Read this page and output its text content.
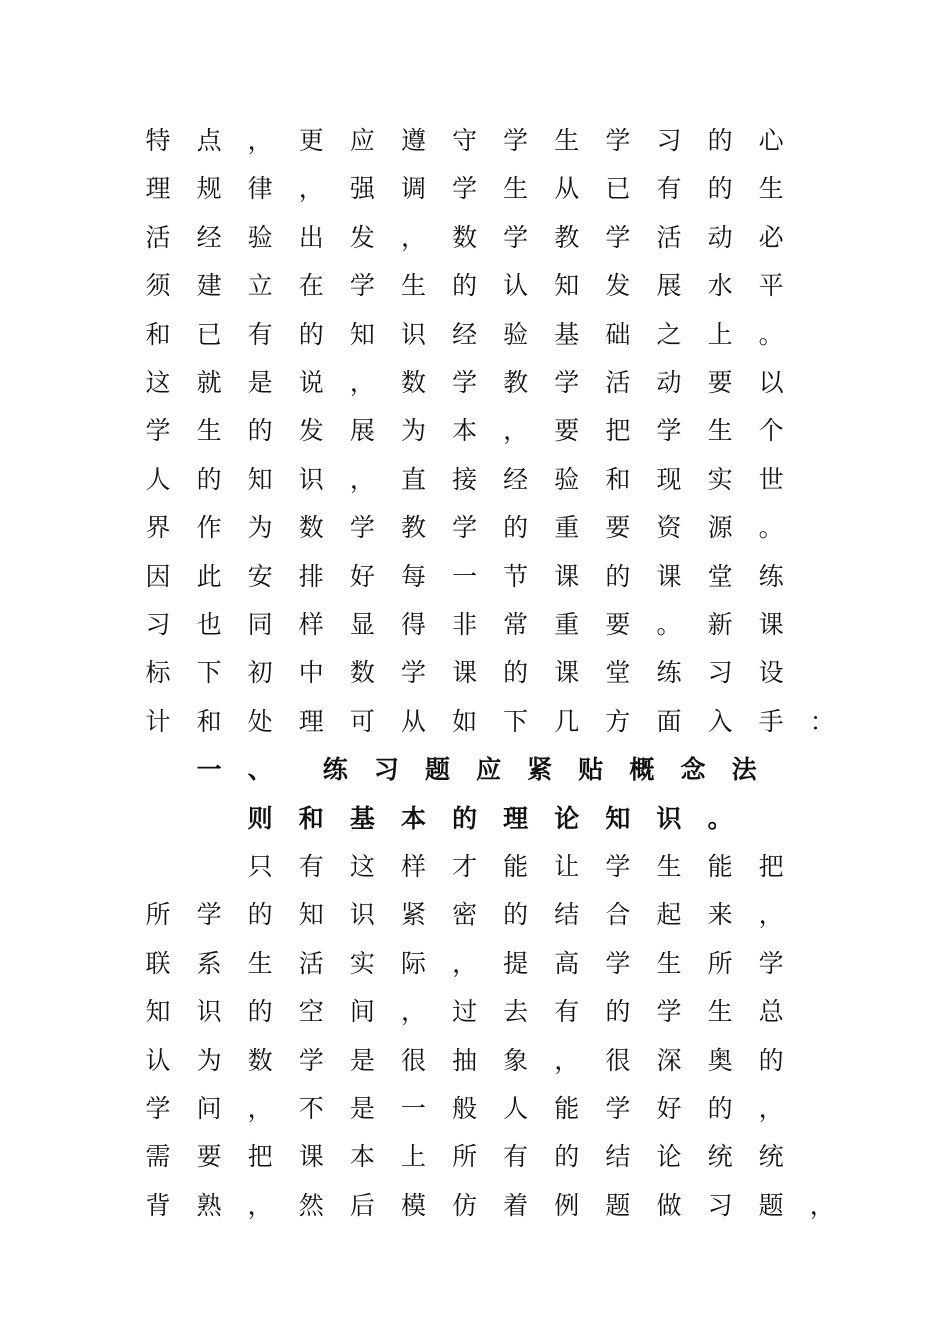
特	点	，	更	应	遵	守	学	生	学	习	的	心
理	规	律	，	强	调	学	生	从	已	有	的	生
活	经	验	出	发	，	数	学	教	学	活	动	必
须	建	立	在	学	生	的	认	知	发	展	水	平
和	已	有	的	知	识	经	验	基	础	之	上	。
这	就	是	说	，	数	学	教	学	活	动	要	以
学	生	的	发	展	为	本	，	要	把	学	生	个
人	的	知	识	，	直	接	经	验	和	现	实	世
界	作	为	数	学	教	学	的	重	要	资	源	。
因	此	安	排	好	每	一	节	课	的	课	堂	练
习	也	同	样	显	得	非	常	重	要	。	新	课
标	下	初	中	数	学	课	的	课	堂	练	习	设
计	和	处	理	可	从	如	下	几	方	面	入	手	：
一	、	练	习	题	应	紧	贴	概	念	法
则	和	基	本	的	理	论	知	识	。
只	有	这	样	才	能	让	学	生	能	把
所	学	的	知	识	紧	密	的	结	合	起	来	，
联	系	生	活	实	际	，	提	高	学	生	所	学
知	识	的	空	间	，	过	去	有	的	学	生	总
认	为	数	学	是	很	抽	象	，	很	深	奥	的
学	问	，	不	是	一	般	人	能	学	好	的	，
需	要	把	课	本	上	所	有	的	结	论	统	统
背	熟	，	然	后	模	仿	着	例	题	做	习	题	，
